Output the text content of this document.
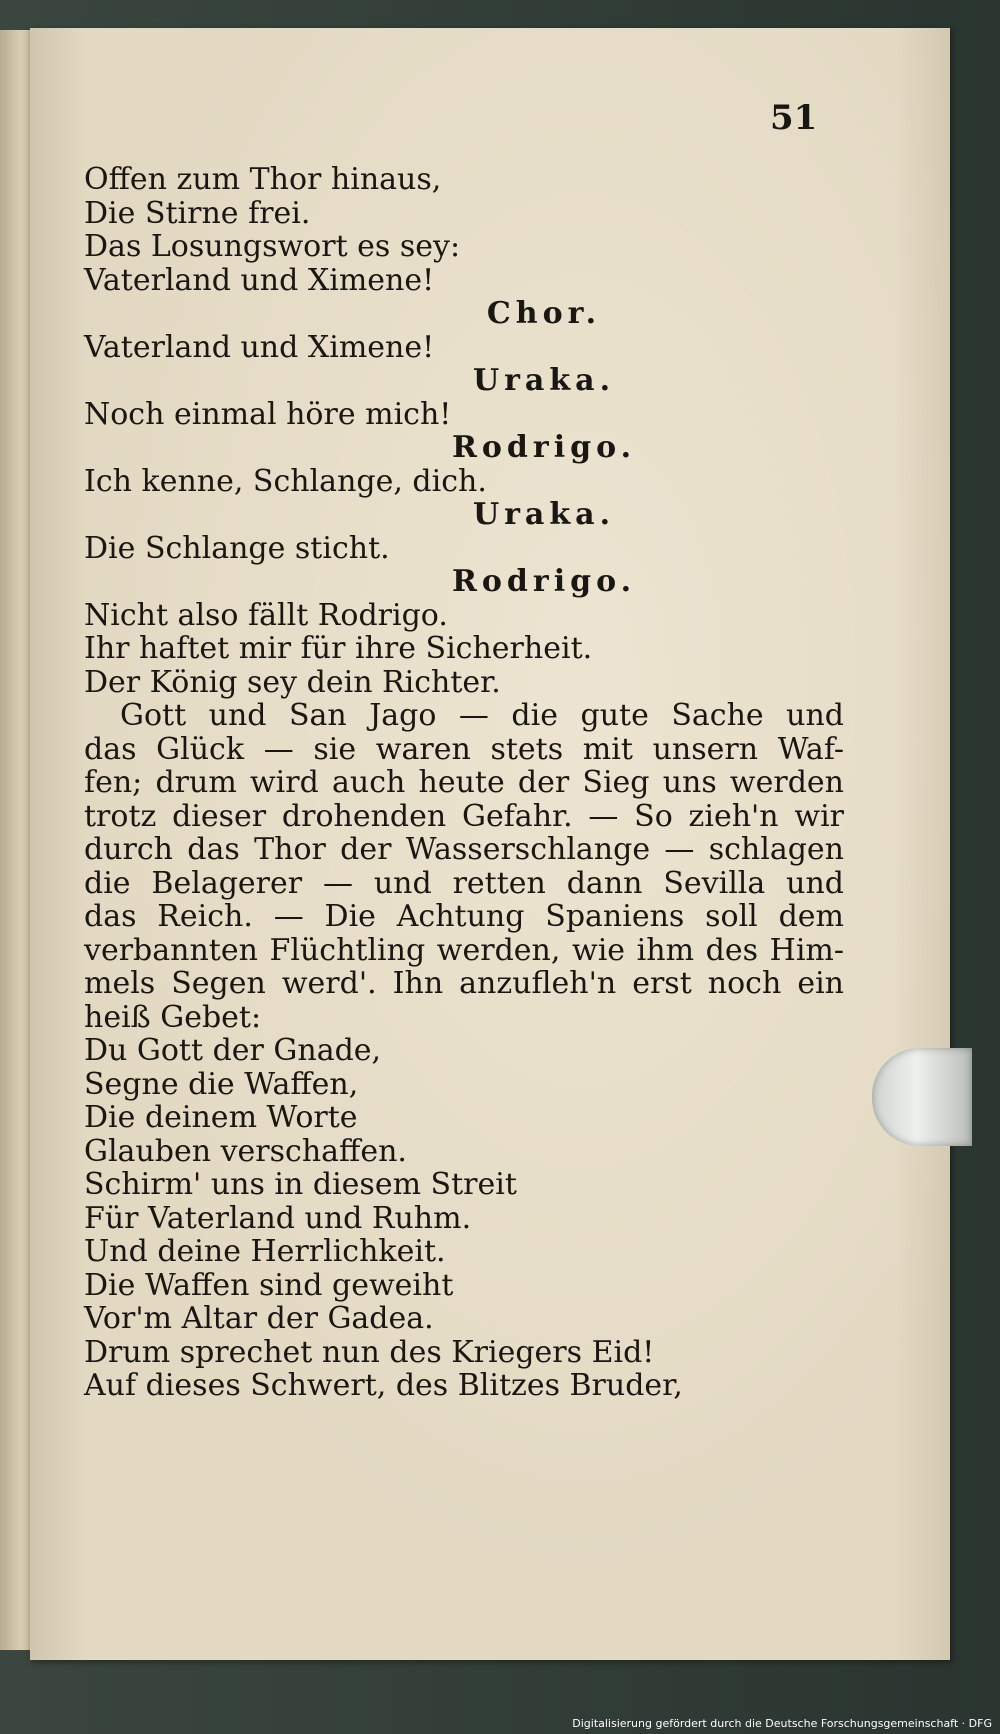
51
Offen zum Thor hinaus,
Die Stirne frei.
Das Losungswort es sey:
Vaterland und Ximene!
Chor.
Vaterland und Ximene!
Uraka.
Noch einmal höre mich!
Rodrigo.
Ich kenne, Schlange, dich.
Uraka.
Die Schlange sticht.
Rodrigo.
Nicht also fällt Rodrigo.
Ihr haftet mir für ihre Sicherheit.
Der König sey dein Richter.
Gott und San Jago — die gute Sache und
das Glück — sie waren stets mit unsern Waf-
fen; drum wird auch heute der Sieg uns werden
trotz dieser drohenden Gefahr. — So zieh'n wir
durch das Thor der Wasserschlange — schlagen
die Belagerer — und retten dann Sevilla und
das Reich. — Die Achtung Spaniens soll dem
verbannten Flüchtling werden, wie ihm des Him-
mels Segen werd'. Ihn anzufleh'n erst noch ein
heiß Gebet:
Du Gott der Gnade,
Segne die Waffen,
Die deinem Worte
Glauben verschaffen.
Schirm' uns in diesem Streit
Für Vaterland und Ruhm.
Und deine Herrlichkeit.
Die Waffen sind geweiht
Vor'm Altar der Gadea.
Drum sprechet nun des Kriegers Eid!
Auf dieses Schwert, des Blitzes Bruder,
Digitalisierung gefördert durch die Deutsche Forschungsgemeinschaft · DFG
